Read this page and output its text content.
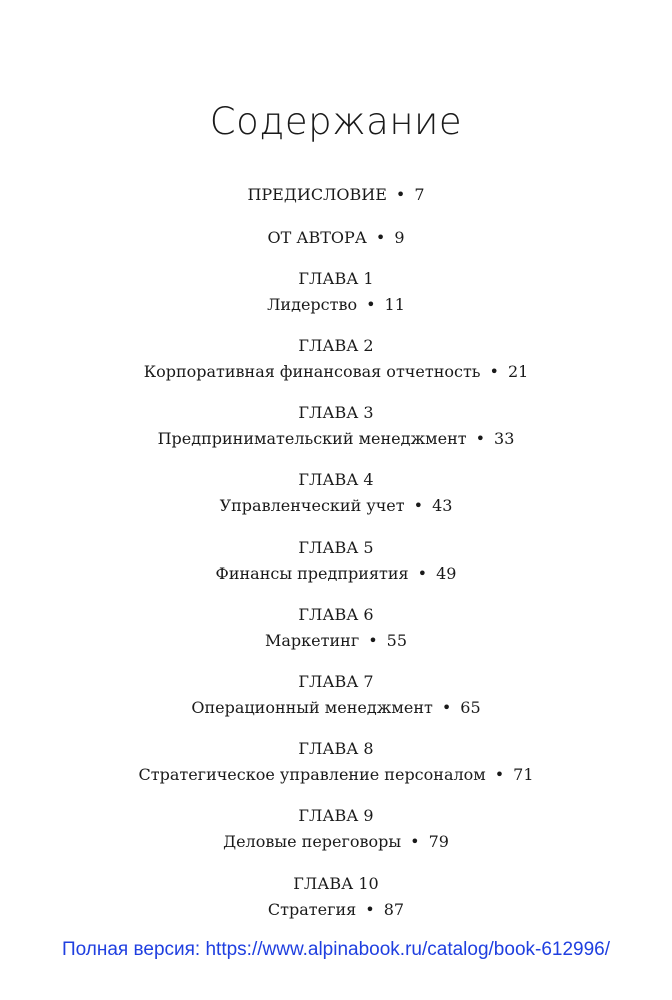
Содержание
ПРЕДИСЛОВИЕ • 7
ОТ АВТОРА • 9
ГЛАВА 1
Лидерство • 11
ГЛАВА 2
Корпоративная финансовая отчетность • 21
ГЛАВА 3
Предпринимательский менеджмент • 33
ГЛАВА 4
Управленческий учет • 43
ГЛАВА 5
Финансы предприятия • 49
ГЛАВА 6
Маркетинг • 55
ГЛАВА 7
Операционный менеджмент • 65
ГЛАВА 8
Стратегическое управление персоналом • 71
ГЛАВА 9
Деловые переговоры • 79
ГЛАВА 10
Стратегия • 87
Полная версия: https://www.alpinabook.ru/catalog/book-612996/
